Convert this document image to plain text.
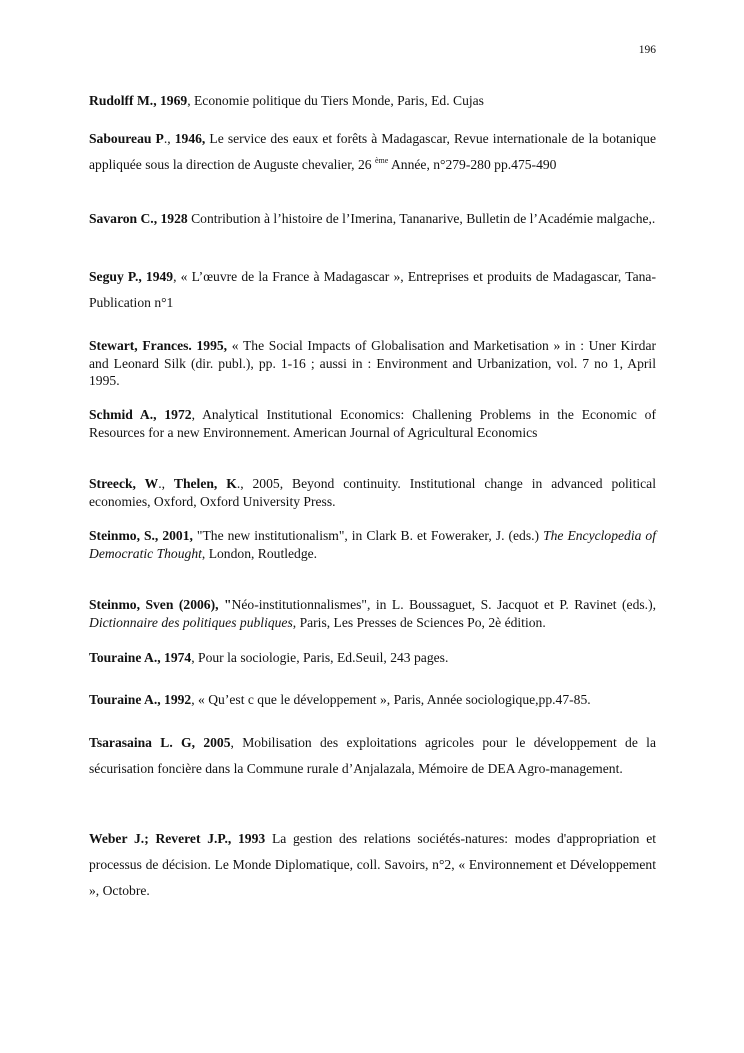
196

Rudolff M., 1969, Economie politique du Tiers Monde, Paris, Ed. Cujas

Saboureau P., 1946, Le service des eaux et forêts à Madagascar, Revue internationale de la botanique appliquée sous la direction de Auguste chevalier, 26 $^{ème}$ Année, n°279-280 pp.475-490

Savaron C., 1928 Contribution à l’histoire de l’Imerina, Tananarive, Bulletin de l’Académie malgache,.

Seguy P., 1949, « L’œuvre de la France à Madagascar », Entreprises et produits de Madagascar, Tana-Publication n°1

Stewart, Frances. 1995, « The Social Impacts of Globalisation and Marketisation » in : Uner Kirdar and Leonard Silk (dir. publ.), pp. 1-16 ; aussi in : Environment and Urbanization, vol. 7 no 1, April 1995.

Schmid A., 1972, Analytical Institutional Economics: Challening Problems in the Economic of Resources for a new Environnement. American Journal of Agricultural Economics

Streeck, W., Thelen, K., 2005, Beyond continuity. Institutional change in advanced political economies, Oxford, Oxford University Press.

Steinmo, S., 2001, "The new institutionalism", in Clark B. et Foweraker, J. (eds.) The Encyclopedia of Democratic Thought, London, Routledge.

Steinmo, Sven (2006), "Néo-institutionnalismes", in L. Boussaguet, S. Jacquot et P. Ravinet (eds.), Dictionnaire des politiques publiques, Paris, Les Presses de Sciences Po, 2è édition.

Touraine A., 1974, Pour la sociologie, Paris, Ed.Seuil, 243 pages.

Touraine A., 1992, « Qu’est c que le développement », Paris, Année sociologique,pp.47-85.

Tsarasaina L. G, 2005, Mobilisation des exploitations agricoles pour le développement de la sécurisation foncière dans la Commune rurale d’Anjalazala, Mémoire de DEA Agro-management.

Weber J.; Reveret J.P., 1993 La gestion des relations sociétés-natures: modes d'appropriation et processus de décision. Le Monde Diplomatique, coll. Savoirs, n°2, « Environnement et Développement », Octobre.
